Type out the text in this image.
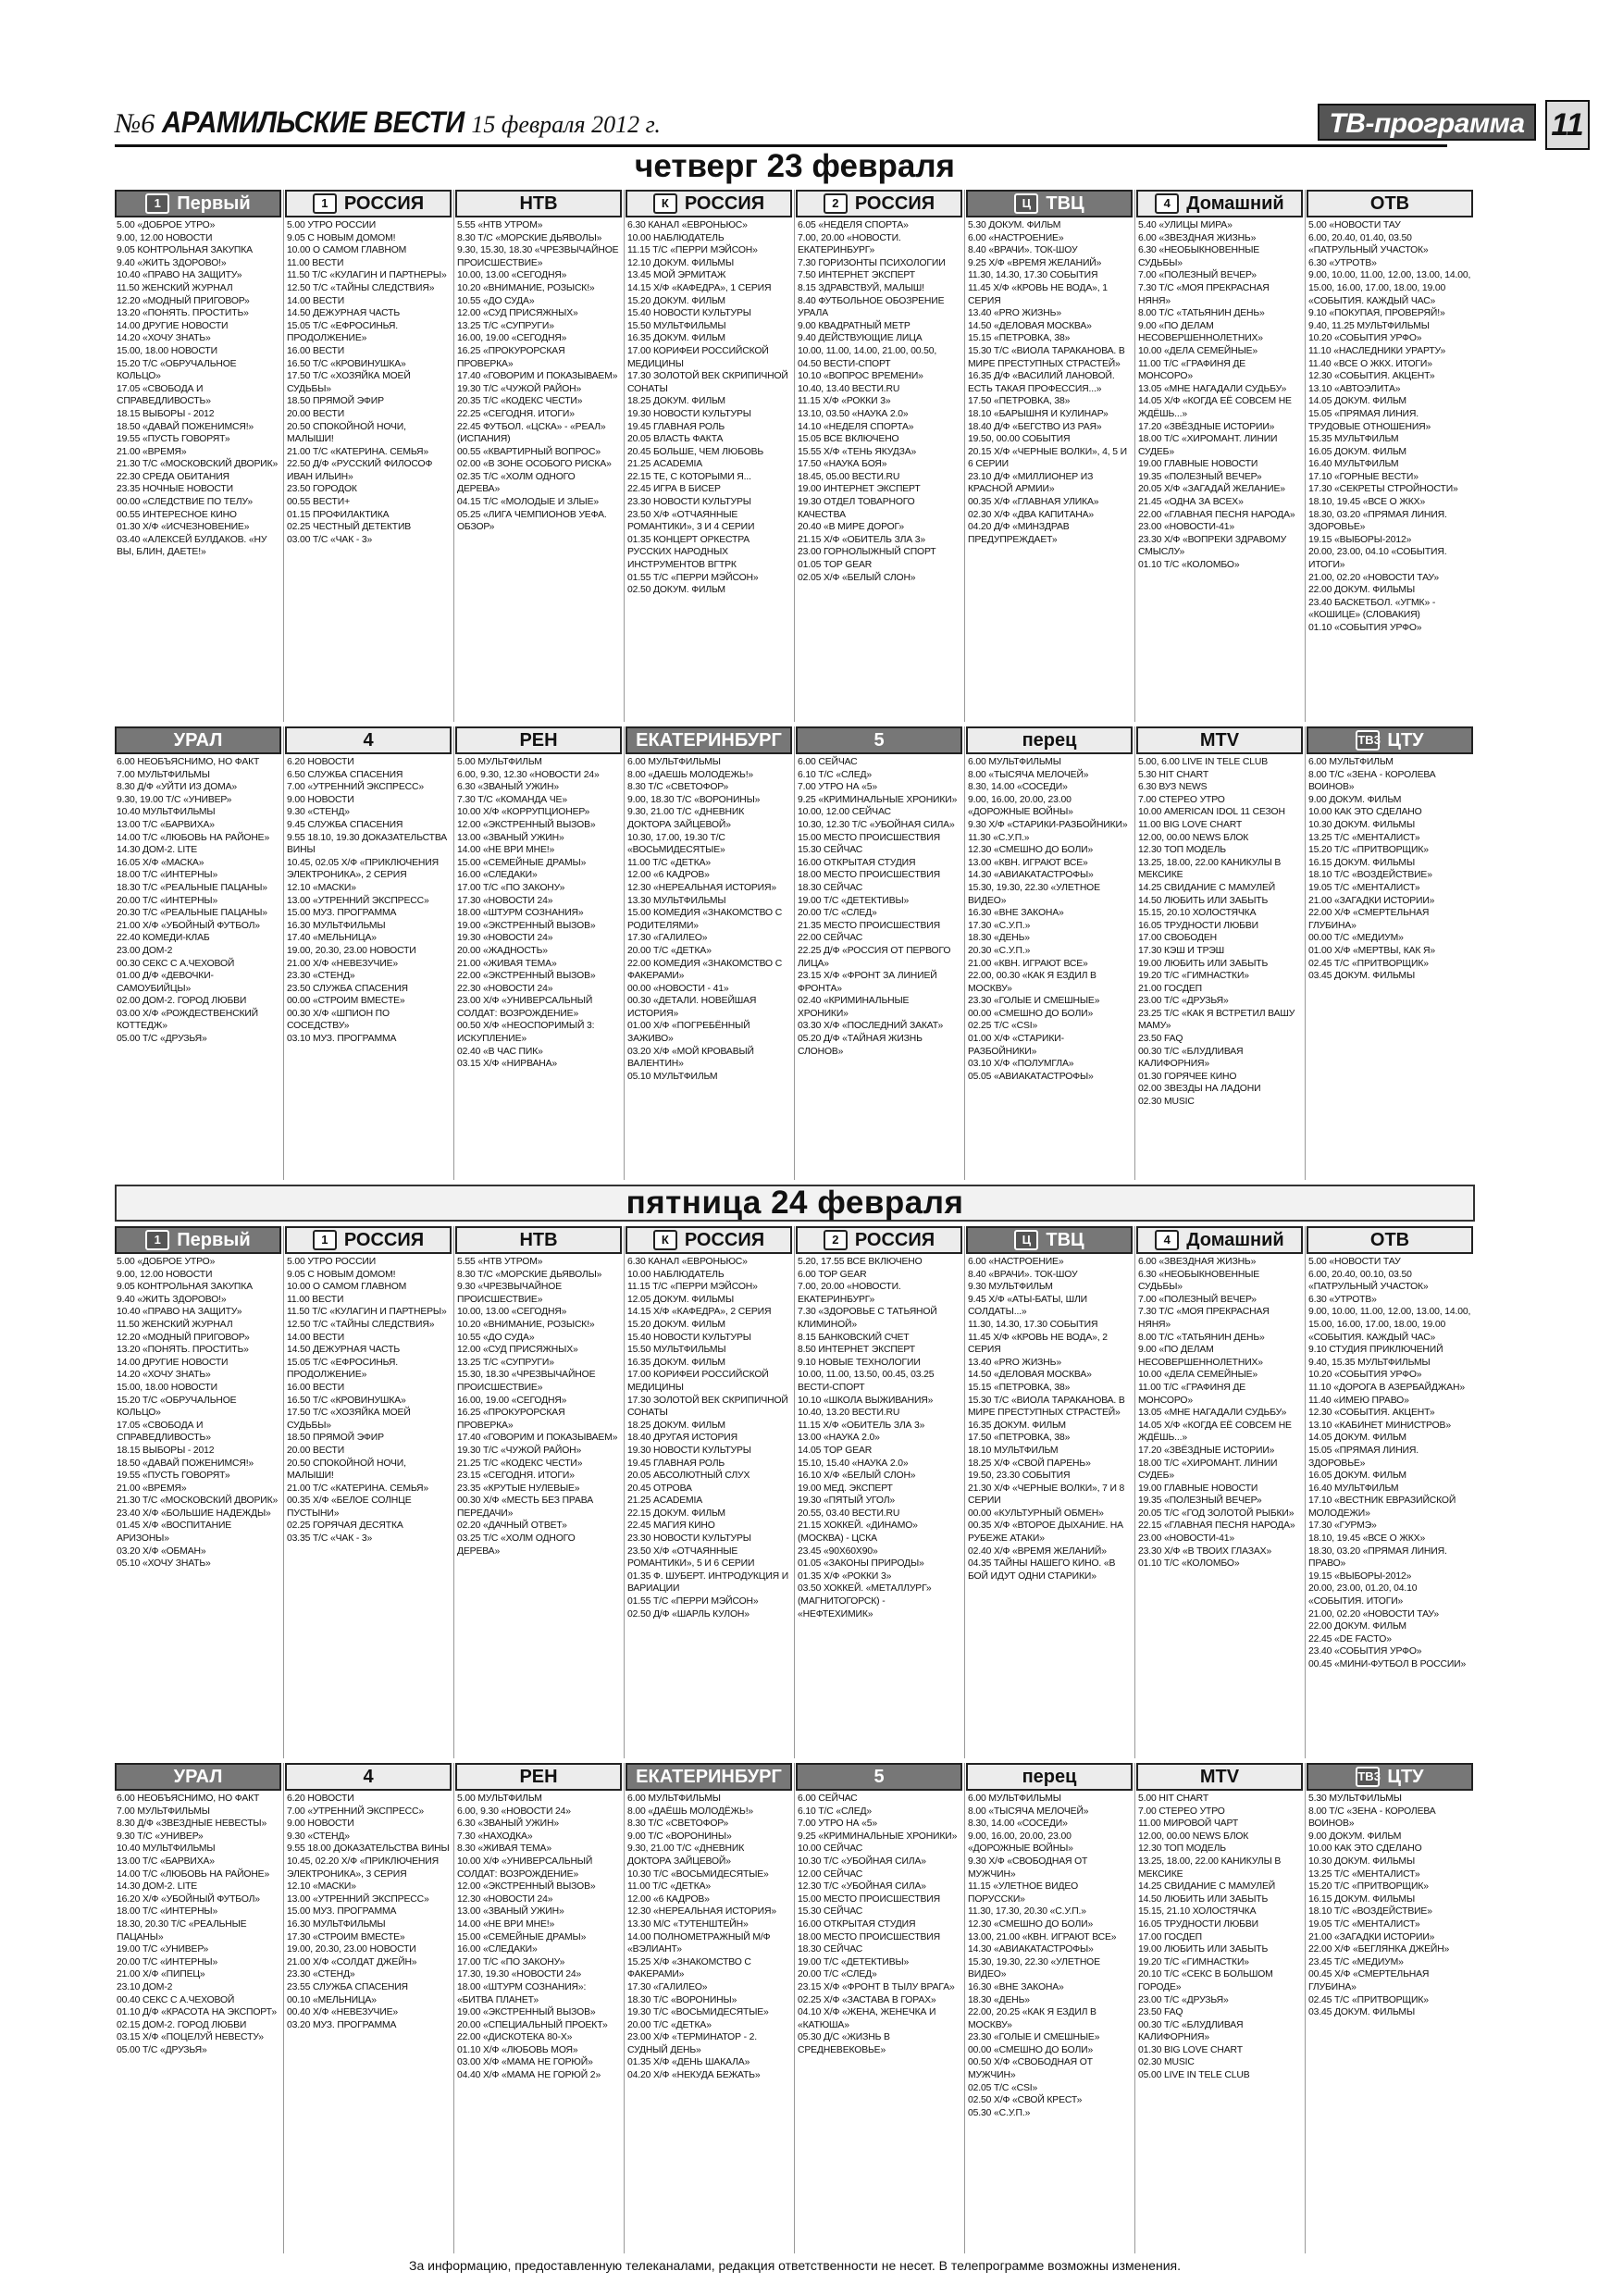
№6 АРАМИЛЬСКИЕ ВЕСТИ 15 февраля 2012 г.	ТВ-программа 11
четверг 23 февраля
1 Первый

5.00 «ДОБРОЕ УТРО»
9.00, 12.00 НОВОСТИ
9.05 КОНТРОЛЬНАЯ ЗАКУПКА
9.40 «ЖИТЬ ЗДОРОВО!»
10.40 «ПРАВО НА ЗАЩИТУ»
11.50 ЖЕНСКИЙ ЖУРНАЛ
12.20 «МОДНЫЙ ПРИГОВОР»
13.20 «ПОНЯТЬ. ПРОСТИТЬ»
14.00 ДРУГИЕ НОВОСТИ
14.20 «ХОЧУ ЗНАТЬ»
15.00, 18.00 НОВОСТИ
15.20 Т/С «ОБРУЧАЛЬНОЕ КОЛЬЦО»
17.05 «СВОБОДА И СПРАВЕДЛИВОСТЬ»
18.15 ВЫБОРЫ - 2012
18.50 «ДАВАЙ ПОЖЕНИМСЯ!»
19.55 «ПУСТЬ ГОВОРЯТ»
21.00 «ВРЕМЯ»
21.30 Т/С «МОСКОВСКИЙ ДВОРИК»
22.30 СРЕДА ОБИТАНИЯ
23.35 НОЧНЫЕ НОВОСТИ
00.00 «СЛЕДСТВИЕ ПО ТЕЛУ»
00.55 ИНТЕРЕСНОЕ КИНО
01.30 Х/Ф «ИСЧЕЗНОВЕНИЕ»
03.40 «АЛЕКСЕЙ БУЛДАКОВ. «НУ ВЫ, БЛИН, ДАЕТЕ!»

1 РОССИЯ

5.00 УТРО РОССИИ
9.05 С НОВЫМ ДОМОМ!
10.00 О САМОМ ГЛАВНОМ
11.00 ВЕСТИ
11.50 Т/С «КУЛАГИН И ПАРТНЕРЫ»
12.50 Т/С «ТАЙНЫ СЛЕДСТВИЯ»
14.00 ВЕСТИ
14.50 ДЕЖУРНАЯ ЧАСТЬ
15.05 Т/С «ЕФРОСИНЬЯ. ПРОДОЛЖЕНИЕ»
16.00 ВЕСТИ
16.50 Т/С «КРОВИНУШКА»
17.50 Т/С «ХОЗЯЙКА МОЕЙ СУДЬБЫ»
18.50 ПРЯМОЙ ЭФИР
20.00 ВЕСТИ
20.50 СПОКОЙНОЙ НОЧИ, МАЛЫШИ!
21.00 Т/С «КАТЕРИНА. СЕМЬЯ»
22.50 Д/Ф «РУССКИЙ ФИЛОСОФ ИВАН ИЛЬИН»
23.50 ГОРОДОК
00.55 ВЕСТИ+
01.15 ПРОФИЛАКТИКА
02.25 ЧЕСТНЫЙ ДЕТЕКТИВ
03.00 Т/С «ЧАК - 3»

НТВ

5.55 «НТВ УТРОМ»
8.30 Т/С «МОРСКИЕ ДЬЯВОЛЫ»
9.30, 15.30, 18.30 «ЧРЕЗВЫЧАЙНОЕ ПРОИСШЕСТВИЕ»
10.00, 13.00 «СЕГОДНЯ»
10.20 «ВНИМАНИЕ, РОЗЫСК!»
10.55 «ДО СУДА»
12.00 «СУД ПРИСЯЖНЫХ»
13.25 Т/С «СУПРУГИ»
16.00, 19.00 «СЕГОДНЯ»
16.25 «ПРОКУРОРСКАЯ ПРОВЕРКА»
17.40 «ГОВОРИМ И ПОКАЗЫВАЕМ»
19.30 Т/С «ЧУЖОЙ РАЙОН»
20.35 Т/С «КОДЕКС ЧЕСТИ»
22.25 «СЕГОДНЯ. ИТОГИ»
22.45 ФУТБОЛ. «ЦСКА» - «РЕАЛ» (ИСПАНИЯ)
00.55 «КВАРТИРНЫЙ ВОПРОС»
02.00 «В ЗОНЕ ОСОБОГО РИСКА»
02.35 Т/С «ХОЛМ ОДНОГО ДЕРЕВА»
04.15 Т/С «МОЛОДЫЕ И ЗЛЫЕ»
05.25 «ЛИГА ЧЕМПИОНОВ УЕФА. ОБЗОР»

К РОССИЯ

6.30 КАНАЛ «ЕВРОНЬЮС»
10.00 НАБЛЮДАТЕЛЬ
11.15 Т/С «ПЕРРИ МЭЙСОН»
12.10 ДОКУМ. ФИЛЬМЫ
13.45 МОЙ ЭРМИТАЖ
14.15 Х/Ф «КАФЕДРА», 1 СЕРИЯ
15.20 ДОКУМ. ФИЛЬМ
15.40 НОВОСТИ КУЛЬТУРЫ
15.50 МУЛЬТФИЛЬМЫ
16.35 ДОКУМ. ФИЛЬМ
17.00 КОРИФЕИ РОССИЙСКОЙ МЕДИЦИНЫ
17.30 ЗОЛОТОЙ ВЕК СКРИПИЧНОЙ СОНАТЫ
18.25 ДОКУМ. ФИЛЬМ
19.30 НОВОСТИ КУЛЬТУРЫ
19.45 ГЛАВНАЯ РОЛЬ
20.05 ВЛАСТЬ ФАКТА
20.45 БОЛЬШЕ, ЧЕМ ЛЮБОВЬ
21.25 ACADEMIA
22.15 ТЕ, С КОТОРЫМИ Я...
22.45 ИГРА В БИСЕР
23.30 НОВОСТИ КУЛЬТУРЫ
23.50 Х/Ф «ОТЧАЯННЫЕ РОМАНТИКИ», 3 И 4 СЕРИИ
01.35 КОНЦЕРТ ОРКЕСТРА РУССКИХ НАРОДНЫХ ИНСТРУМЕНТОВ ВГТРК
01.55 Т/С «ПЕРРИ МЭЙСОН»
02.50 ДОКУМ. ФИЛЬМ

2 РОССИЯ

6.05 «НЕДЕЛЯ СПОРТА»
7.00, 20.00 «НОВОСТИ. ЕКАТЕРИНБУРГ»
7.30 ГОРИЗОНТЫ ПСИХОЛОГИИ
7.50 ИНТЕРНЕТ ЭКСПЕРТ
8.15 ЗДРАВСТВУЙ, МАЛЫШ!
8.40 ФУТБОЛЬНОЕ ОБОЗРЕНИЕ УРАЛА
9.00 КВАДРАТНЫЙ МЕТР
9.40 ДЕЙСТВУЮЩИЕ ЛИЦА
10.00, 11.00, 14.00, 21.00, 00.50, 04.50 ВЕСТИ-СПОРТ
10.10 «ВОПРОС ВРЕМЕНИ»
10.40, 13.40 ВЕСТИ.RU
11.15 Х/Ф «РОККИ 3»
13.10, 03.50 «НАУКА 2.0»
14.10 «НЕДЕЛЯ СПОРТА»
15.05 ВСЕ ВКЛЮЧЕНО
15.55 Х/Ф «ТЕНЬ ЯКУДЗА»
17.50 «НАУКА БОЯ»
18.45, 05.00 ВЕСТИ.RU
19.00 ИНТЕРНЕТ ЭКСПЕРТ
19.30 ОТДЕЛ ТОВАРНОГО КАЧЕСТВА
20.40 «В МИРЕ ДОРОГ»
21.15 Х/Ф «ОБИТЕЛЬ ЗЛА 3»
23.00 ГОРНОЛЫЖНЫЙ СПОРТ
01.05 TOP GEAR
02.05 Х/Ф «БЕЛЫЙ СЛОН»

Ц ТВЦ

5.30 ДОКУМ. ФИЛЬМ
6.00 «НАСТРОЕНИЕ»
8.40 «ВРАЧИ». ТОК-ШОУ
9.25 Х/Ф «ВРЕМЯ ЖЕЛАНИЙ»
11.30, 14.30, 17.30 СОБЫТИЯ
11.45 Х/Ф «КРОВЬ НЕ ВОДА», 1 СЕРИЯ
13.40 «PRO ЖИЗНЬ»
14.50 «ДЕЛОВАЯ МОСКВА»
15.15 «ПЕТРОВКА, 38»
15.30 Т/С «ВИОЛА ТАРАКАНОВА. В МИРЕ ПРЕСТУПНЫХ СТРАСТЕЙ»
16.35 Д/Ф «ВАСИЛИЙ ЛАНОВОЙ. ЕСТЬ ТАКАЯ ПРОФЕССИЯ...»
17.50 «ПЕТРОВКА, 38»
18.10 «БАРЫШНЯ И КУЛИНАР»
18.40 Д/Ф «БЕГСТВО ИЗ РАЯ»
19.50, 00.00 СОБЫТИЯ
20.15 Х/Ф «ЧЕРНЫЕ ВОЛКИ», 4, 5 И 6 СЕРИИ
23.10 Д/Ф «МИЛЛИОНЕР ИЗ КРАСНОЙ АРМИИ»
00.35 Х/Ф «ГЛАВНАЯ УЛИКА»
02.30 Х/Ф «ДВА КАПИТАНА»
04.20 Д/Ф «МИНЗДРАВ ПРЕДУПРЕЖДАЕТ»

4 Домашний

5.40 «УЛИЦЫ МИРА»
6.00 «ЗВЕЗДНАЯ ЖИЗНЬ»
6.30 «НЕОБЫКНОВЕННЫЕ СУДЬБЫ»
7.00 «ПОЛЕЗНЫЙ ВЕЧЕР»
7.30 Т/С «МОЯ ПРЕКРАСНАЯ НЯНЯ»
8.00 Т/С «ТАТЬЯНИН ДЕНЬ»
9.00 «ПО ДЕЛАМ НЕСОВЕРШЕННОЛЕТНИХ»
10.00 «ДЕЛА СЕМЕЙНЫЕ»
11.00 Т/С «ГРАФИНЯ ДЕ МОНСОРО»
13.05 «МНЕ НАГАДАЛИ СУДЬБУ»
14.05 Х/Ф «КОГДА ЕЁ СОВСЕМ НЕ ЖДЁШЬ...»
17.20 «ЗВЁЗДНЫЕ ИСТОРИИ»
18.00 Т/С «ХИРОМАНТ. ЛИНИИ СУДЕБ»
19.00 ГЛАВНЫЕ НОВОСТИ
19.35 «ПОЛЕЗНЫЙ ВЕЧЕР»
20.05 Х/Ф «ЗАГАДАЙ ЖЕЛАНИЕ»
21.45 «ОДНА ЗА ВСЕХ»
22.00 «ГЛАВНАЯ ПЕСНЯ НАРОДА»
23.00 «НОВОСТИ-41»
23.30 Х/Ф «ВОПРЕКИ ЗДРАВОМУ СМЫСЛУ»
01.10 Т/С «КОЛОМБО»

ОТВ

5.00 «НОВОСТИ ТАУ
6.00, 20.40, 01.40, 03.50 «ПАТРУЛЬНЫЙ УЧАСТОК»
6.30 «УТРОТВ»
9.00, 10.00, 11.00, 12.00, 13.00, 14.00, 15.00, 16.00, 17.00, 18.00, 19.00 «СОБЫТИЯ. КАЖДЫЙ ЧАС»
9.10 «ПОКУПАЯ, ПРОВЕРЯЙ!»
9.40, 11.25 МУЛЬТФИЛЬМЫ
10.20 «СОБЫТИЯ УРФО»
11.10 «НАСЛЕДНИКИ УРАРТУ»
11.40 «ВСЕ О ЖКХ. ИТОГИ»
12.30 «СОБЫТИЯ. АКЦЕНТ»
13.10 «АВТОЭЛИТА»
14.05 ДОКУМ. ФИЛЬМ
15.05 «ПРЯМАЯ ЛИНИЯ. ТРУДОВЫЕ ОТНОШЕНИЯ»
15.35 МУЛЬТФИЛЬМ
16.05 ДОКУМ. ФИЛЬМ
16.40 МУЛЬТФИЛЬМ
17.10 «ГОРНЫЕ ВЕСТИ»
17.30 «СЕКРЕТЫ СТРОЙНОСТИ»
18.10, 19.45 «ВСЕ О ЖКХ»
18.30, 03.20 «ПРЯМАЯ ЛИНИЯ. ЗДОРОВЬЕ»
19.15 «ВЫБОРЫ-2012»
20.00, 23.00, 04.10 «СОБЫТИЯ. ИТОГИ»
21.00, 02.20 «НОВОСТИ ТАУ»
22.00 ДОКУМ. ФИЛЬМЫ
23.40 БАСКЕТБОЛ. «УГМК» - «КОШИЦЕ» (СЛОВАКИЯ)
01.10 «СОБЫТИЯ УРФО»

УРАЛ

6.00 НЕОБЪЯСНИМО, НО ФАКТ
7.00 МУЛЬТФИЛЬМЫ
8.30 Д/Ф «УЙТИ ИЗ ДОМА»
9.30, 19.00 Т/С «УНИВЕР»
10.40 МУЛЬТФИЛЬМЫ
13.00 Т/С «БАРВИХА»
14.00 Т/С «ЛЮБОВЬ НА РАЙОНЕ»
14.30 ДОМ-2. LITE
16.05 Х/Ф «МАСКА»
18.00 Т/С «ИНТЕРНЫ»
18.30 Т/С «РЕАЛЬНЫЕ ПАЦАНЫ»
20.00 Т/С «ИНТЕРНЫ»
20.30 Т/С «РЕАЛЬНЫЕ ПАЦАНЫ»
21.00 Х/Ф «УБОЙНЫЙ ФУТБОЛ»
22.40 КОМЕДИ-КЛАБ
23.00 ДОМ-2
00.30 СЕКС С А.ЧЕХОВОЙ
01.00 Д/Ф «ДЕВОЧКИ-САМОУБИЙЦЫ»
02.00 ДОМ-2. ГОРОД ЛЮБВИ
03.00 Х/Ф «РОЖДЕСТВЕНСКИЙ КОТТЕДЖ»
05.00 Т/С «ДРУЗЬЯ»

4

6.20 НОВОСТИ
6.50 СЛУЖБА СПАСЕНИЯ
7.00 «УТРЕННИЙ ЭКСПРЕСС»
9.00 НОВОСТИ
9.30 «СТЕНД»
9.45 СЛУЖБА СПАСЕНИЯ
9.55 18.10, 19.30 ДОКАЗАТЕЛЬСТВА ВИНЫ
10.45, 02.05 Х/Ф «ПРИКЛЮЧЕНИЯ ЭЛЕКТРОНИКА», 2 СЕРИЯ
12.10 «МАСКИ»
13.00 «УТРЕННИЙ ЭКСПРЕСС»
15.00 МУЗ. ПРОГРАММА
16.30 МУЛЬТФИЛЬМЫ
17.40 «МЕЛЬНИЦА»
19.00, 20.30, 23.00 НОВОСТИ
21.00 Х/Ф «НЕВЕЗУЧИЕ»
23.30 «СТЕНД»
23.50 СЛУЖБА СПАСЕНИЯ
00.00 «СТРОИМ ВМЕСТЕ»
00.30 Х/Ф «ШПИОН ПО СОСЕДСТВУ»
03.10 МУЗ. ПРОГРАММА

РЕН

5.00 МУЛЬТФИЛЬМ
6.00, 9.30, 12.30 «НОВОСТИ 24»
6.30 «ЗВАНЫЙ УЖИН»
7.30 Т/С «КОМАНДА ЧЕ»
10.00 Х/Ф «КОРРУПЦИОНЕР»
12.00 «ЭКСТРЕННЫЙ ВЫЗОВ»
13.00 «ЗВАНЫЙ УЖИН»
14.00 «НЕ ВРИ МНЕ!»
15.00 «СЕМЕЙНЫЕ ДРАМЫ»
16.00 «СЛЕДАКИ»
17.00 Т/С «ПО ЗАКОНУ»
17.30 «НОВОСТИ 24»
18.00 «ШТУРМ СОЗНАНИЯ»
19.00 «ЭКСТРЕННЫЙ ВЫЗОВ»
19.30 «НОВОСТИ 24»
20.00 «ЖАДНОСТЬ»
21.00 «ЖИВАЯ ТЕМА»
22.00 «ЭКСТРЕННЫЙ ВЫЗОВ»
22.30 «НОВОСТИ 24»
23.00 Х/Ф «УНИВЕРСАЛЬНЫЙ СОЛДАТ: ВОЗРОЖДЕНИЕ»
00.50 Х/Ф «НЕОСПОРИМЫЙ 3: ИСКУПЛЕНИЕ»
02.40 «В ЧАС ПИК»
03.15 Х/Ф «НИРВАНА»

ЕКАТЕРИНБУРГ

6.00 МУЛЬТФИЛЬМЫ
8.00 «ДАЕШЬ МОЛОДЕЖЬ!»
8.30 Т/С «СВЕТОФОР»
9.00, 18.30 Т/С «ВОРОНИНЫ»
9.30, 21.00 Т/С «ДНЕВНИК ДОКТОРА ЗАЙЦЕВОЙ»
10.30, 17.00, 19.30 Т/С «ВОСЬМИДЕСЯТЫЕ»
11.00 Т/С «ДЕТКА»
12.00 «6 КАДРОВ»
12.30 «НЕРЕАЛЬНАЯ ИСТОРИЯ»
13.30 МУЛЬТФИЛЬМЫ
15.00 КОМЕДИЯ «ЗНАКОМСТВО С РОДИТЕЛЯМИ»
17.30 «ГАЛИЛЕО»
20.00 Т/С «ДЕТКА»
22.00 КОМЕДИЯ «ЗНАКОМСТВО С ФАКЕРАМИ»
00.00 «НОВОСТИ - 41»
00.30 «ДЕТАЛИ. НОВЕЙШАЯ ИСТОРИЯ»
01.00 Х/Ф «ПОГРЕБЁННЫЙ ЗАЖИВО»
03.20 Х/Ф «МОЙ КРОВАВЫЙ ВАЛЕНТИН»
05.10 МУЛЬТФИЛЬМ

5

6.00 СЕЙЧАС
6.10 Т/С «СЛЕД»
7.00 УТРО НА «5»
9.25 «КРИМИНАЛЬНЫЕ ХРОНИКИ»
10.00, 12.00 СЕЙЧАС
10.30, 12.30 Т/С «УБОЙНАЯ СИЛА»
15.00 МЕСТО ПРОИСШЕСТВИЯ
15.30 СЕЙЧАС
16.00 ОТКРЫТАЯ СТУДИЯ
18.00 МЕСТО ПРОИСШЕСТВИЯ
18.30 СЕЙЧАС
19.00 Т/С «ДЕТЕКТИВЫ»
20.00 Т/С «СЛЕД»
21.35 МЕСТО ПРОИСШЕСТВИЯ
22.00 СЕЙЧАС
22.25 Д/Ф «РОССИЯ ОТ ПЕРВОГО ЛИЦА»
23.15 Х/Ф «ФРОНТ ЗА ЛИНИЕЙ ФРОНТА»
02.40 «КРИМИНАЛЬНЫЕ ХРОНИКИ»
03.30 Х/Ф «ПОСЛЕДНИЙ ЗАКАТ»
05.20 Д/Ф «ТАЙНАЯ ЖИЗНЬ СЛОНОВ»

перец

6.00 МУЛЬТФИЛЬМЫ
8.00 «ТЫСЯЧА МЕЛОЧЕЙ»
8.30, 14.00 «СОСЕДИ»
9.00, 16.00, 20.00, 23.00 «ДОРОЖНЫЕ ВОЙНЫ»
9.30 Х/Ф «СТАРИКИ-РАЗБОЙНИКИ»
11.30 «С.У.П.»
12.30 «СМЕШНО ДО БОЛИ»
13.00 «КВН. ИГРАЮТ ВСЕ»
14.30 «АВИАКАТАСТРОФЫ»
15.30, 19.30, 22.30 «УЛЕТНОЕ ВИДЕО»
16.30 «ВНЕ ЗАКОНА»
17.30 «С.У.П.»
18.30 «ДЕНЬ»
20.30 «С.У.П.»
21.00 «КВН. ИГРАЮТ ВСЕ»
22.00, 00.30 «КАК Я ЕЗДИЛ В МОСКВУ»
23.30 «ГОЛЫЕ И СМЕШНЫЕ»
00.00 «СМЕШНО ДО БОЛИ»
02.25 Т/С «CSI»
01.00 Х/Ф «СТАРИКИ-РАЗБОЙНИКИ»
03.10 Х/Ф «ПОЛУМГЛА»
05.05 «АВИАКАТАСТРОФЫ»

MTV

5.00, 6.00 LIVE IN TELE CLUB
5.30 HIT CHART
6.30 ВУЗ NEWS
7.00 СТЕРЕО УТРО
10.00 AMERICAN IDOL 11 СЕЗОН
11.00 BIG LOVE CHART
12.00, 00.00 NEWS БЛОК
12.30 ТОП МОДЕЛЬ
13.25, 18.00, 22.00 КАНИКУЛЫ В МЕКСИКЕ
14.25 СВИДАНИЕ С МАМУЛЕЙ
14.50 ЛЮБИТЬ ИЛИ ЗАБЫТЬ
15.15, 20.10 ХОЛОСТЯЧКА
16.05 ТРУДНОСТИ ЛЮБВИ
17.00 СВОБОДЕН
17.30 КЭШ И ТРЭШ
19.00 ЛЮБИТЬ ИЛИ ЗАБЫТЬ
19.20 Т/С «ГИМНАСТКИ»
21.00 ГОСДЕП
23.00 Т/С «ДРУЗЬЯ»
23.25 Т/С «КАК Я ВСТРЕТИЛ ВАШУ МАМУ»
23.50 FAQ
00.30 Т/С «БЛУДЛИВАЯ КАЛИФОРНИЯ»
01.30 ГОРЯЧЕЕ КИНО
02.00 ЗВЕЗДЫ НА ЛАДОНИ
02.30 MUSIC

ТВ3 ЦТУ

6.00 МУЛЬТФИЛЬМ
8.00 Т/С «ЗЕНА - КОРОЛЕВА ВОИНОВ»
9.00 ДОКУМ. ФИЛЬМ
10.00 КАК ЭТО СДЕЛАНО
10.30 ДОКУМ. ФИЛЬМЫ
13.25 Т/С «МЕНТАЛИСТ»
15.20 Т/С «ПРИТВОРЩИК»
16.15 ДОКУМ. ФИЛЬМЫ
18.10 Т/С «ВОЗДЕЙСТВИЕ»
19.05 Т/С «МЕНТАЛИСТ»
21.00 «ЗАГАДКИ ИСТОРИИ»
22.00 Х/Ф «СМЕРТЕЛЬНАЯ ГЛУБИНА»
00.00 Т/С «МЕДИУМ»
01.00 Х/Ф «МЕРТВЫ, КАК Я»
02.45 Т/С «ПРИТВОРЩИК»
03.45 ДОКУМ. ФИЛЬМЫ

пятница 24 февраля
1 Первый

5.00 «ДОБРОЕ УТРО»
9.00, 12.00 НОВОСТИ
9.05 КОНТРОЛЬНАЯ ЗАКУПКА
9.40 «ЖИТЬ ЗДОРОВО!»
10.40 «ПРАВО НА ЗАЩИТУ»
11.50 ЖЕНСКИЙ ЖУРНАЛ
12.20 «МОДНЫЙ ПРИГОВОР»
13.20 «ПОНЯТЬ. ПРОСТИТЬ»
14.00 ДРУГИЕ НОВОСТИ
14.20 «ХОЧУ ЗНАТЬ»
15.00, 18.00 НОВОСТИ
15.20 Т/С «ОБРУЧАЛЬНОЕ КОЛЬЦО»
17.05 «СВОБОДА И СПРАВЕДЛИВОСТЬ»
18.15 ВЫБОРЫ - 2012
18.50 «ДАВАЙ ПОЖЕНИМСЯ!»
19.55 «ПУСТЬ ГОВОРЯТ»
21.00 «ВРЕМЯ»
21.30 Т/С «МОСКОВСКИЙ ДВОРИК»
23.40 Х/Ф «БОЛЬШИЕ НАДЕЖДЫ»
01.45 Х/Ф «ВОСПИТАНИЕ АРИЗОНЫ»
03.20 Х/Ф «ОБМАН»
05.10 «ХОЧУ ЗНАТЬ»

1 РОССИЯ

5.00 УТРО РОССИИ
9.05 С НОВЫМ ДОМОМ!
10.00 О САМОМ ГЛАВНОМ
11.00 ВЕСТИ
11.50 Т/С «КУЛАГИН И ПАРТНЕРЫ»
12.50 Т/С «ТАЙНЫ СЛЕДСТВИЯ»
14.00 ВЕСТИ
14.50 ДЕЖУРНАЯ ЧАСТЬ
15.05 Т/С «ЕФРОСИНЬЯ. ПРОДОЛЖЕНИЕ»
16.00 ВЕСТИ
16.50 Т/С «КРОВИНУШКА»
17.50 Т/С «ХОЗЯЙКА МОЕЙ СУДЬБЫ»
18.50 ПРЯМОЙ ЭФИР
20.00 ВЕСТИ
20.50 СПОКОЙНОЙ НОЧИ, МАЛЫШИ!
21.00 Т/С «КАТЕРИНА. СЕМЬЯ»
00.35 Х/Ф «БЕЛОЕ СОЛНЦЕ ПУСТЫНИ»
02.25 ГОРЯЧАЯ ДЕСЯТКА
03.35 Т/С «ЧАК - 3»

НТВ

5.55 «НТВ УТРОМ»
8.30 Т/С «МОРСКИЕ ДЬЯВОЛЫ»
9.30 «ЧРЕЗВЫЧАЙНОЕ ПРОИСШЕСТВИЕ»
10.00, 13.00 «СЕГОДНЯ»
10.20 «ВНИМАНИЕ, РОЗЫСК!»
10.55 «ДО СУДА»
12.00 «СУД ПРИСЯЖНЫХ»
13.25 Т/С «СУПРУГИ»
15.30, 18.30 «ЧРЕЗВЫЧАЙНОЕ ПРОИСШЕСТВИЕ»
16.00, 19.00 «СЕГОДНЯ»
16.25 «ПРОКУРОРСКАЯ ПРОВЕРКА»
17.40 «ГОВОРИМ И ПОКАЗЫВАЕМ»
19.30 Т/С «ЧУЖОЙ РАЙОН»
21.25 Т/С «КОДЕКС ЧЕСТИ»
23.15 «СЕГОДНЯ. ИТОГИ»
23.35 «КРУТЫЕ НУЛЕВЫЕ»
00.30 Х/Ф «МЕСТЬ БЕЗ ПРАВА ПЕРЕДАЧИ»
02.20 «ДАЧНЫЙ ОТВЕТ»
03.25 Т/С «ХОЛМ ОДНОГО ДЕРЕВА»

К РОССИЯ

6.30 КАНАЛ «ЕВРОНЬЮС»
10.00 НАБЛЮДАТЕЛЬ
11.15 Т/С «ПЕРРИ МЭЙСОН»
12.05 ДОКУМ. ФИЛЬМЫ
14.15 Х/Ф «КАФЕДРА», 2 СЕРИЯ
15.20 ДОКУМ. ФИЛЬМ
15.40 НОВОСТИ КУЛЬТУРЫ
15.50 МУЛЬТФИЛЬМЫ
16.35 ДОКУМ. ФИЛЬМ
17.00 КОРИФЕИ РОССИЙСКОЙ МЕДИЦИНЫ
17.30 ЗОЛОТОЙ ВЕК СКРИПИЧНОЙ СОНАТЫ
18.25 ДОКУМ. ФИЛЬМ
18.40 ДРУГАЯ ИСТОРИЯ
19.30 НОВОСТИ КУЛЬТУРЫ
19.45 ГЛАВНАЯ РОЛЬ
20.05 АБСОЛЮТНЫЙ СЛУХ
20.45 ОТРОВА
21.25 ACADEMIA
22.15 ДОКУМ. ФИЛЬМ
22.45 МАГИЯ КИНО
23.30 НОВОСТИ КУЛЬТУРЫ
23.50 Х/Ф «ОТЧАЯННЫЕ РОМАНТИКИ», 5 И 6 СЕРИИ
01.35 Ф. ШУБЕРТ. ИНТРОДУКЦИЯ И ВАРИАЦИИ
01.55 Т/С «ПЕРРИ МЭЙСОН»
02.50 Д/Ф «ШАРЛЬ КУЛОН»

2 РОССИЯ

5.20, 17.55 ВСЕ ВКЛЮЧЕНО
6.00 TOP GEAR
7.00, 20.00 «НОВОСТИ. ЕКАТЕРИНБУРГ»
7.30 «ЗДОРОВЬЕ С ТАТЬЯНОЙ КЛИМИНОЙ»
8.15 БАНКОВСКИЙ СЧЕТ
8.50 ИНТЕРНЕТ ЭКСПЕРТ
9.10 НОВЫЕ ТЕХНОЛОГИИ
10.00, 11.00, 13.50, 00.45, 03.25 ВЕСТИ-СПОРТ
10.10 «ШКОЛА ВЫЖИВАНИЯ»
10.40, 13.20 ВЕСТИ.RU
11.15 Х/Ф «ОБИТЕЛЬ ЗЛА 3»
13.00 «НАУКА 2.0»
14.05 TOP GEAR
15.10, 15.40 «НАУКА 2.0»
16.10 Х/Ф «БЕЛЫЙ СЛОН»
19.00 МЕД. ЭКСПЕРТ
19.30 «ПЯТЫЙ УГОЛ»
20.55, 03.40 ВЕСТИ.RU
21.15 ХОККЕЙ. «ДИНАМО» (МОСКВА) - ЦСКА
23.45 «90X60X90»
01.05 «ЗАКОНЫ ПРИРОДЫ»
01.35 Х/Ф «РОККИ 3»
03.50 ХОККЕЙ. «МЕТАЛЛУРГ» (МАГНИТОГОРСК) - «НЕФТЕХИМИК»

Ц ТВЦ

6.00 «НАСТРОЕНИЕ»
8.40 «ВРАЧИ». ТОК-ШОУ
9.30 МУЛЬТФИЛЬМ
9.45 Х/Ф «АТЫ-БАТЫ, ШЛИ СОЛДАТЫ...»
11.30, 14.30, 17.30 СОБЫТИЯ
11.45 Х/Ф «КРОВЬ НЕ ВОДА», 2 СЕРИЯ
13.40 «PRO ЖИЗНЬ»
14.50 «ДЕЛОВАЯ МОСКВА»
15.15 «ПЕТРОВКА, 38»
15.30 Т/С «ВИОЛА ТАРАКАНОВА. В МИРЕ ПРЕСТУПНЫХ СТРАСТЕЙ»
16.35 ДОКУМ. ФИЛЬМ
17.50 «ПЕТРОВКА, 38»
18.10 МУЛЬТФИЛЬМ
18.25 Х/Ф «СВОЙ ПАРЕНЬ»
19.50, 23.30 СОБЫТИЯ
21.30 Х/Ф «ЧЕРНЫЕ ВОЛКИ», 7 И 8 СЕРИИ
00.00 «КУЛЬТУРНЫЙ ОБМЕН»
00.35 Х/Ф «ВТОРОЕ ДЫХАНИЕ. НА РУБЕЖЕ АТАКИ»
02.40 Х/Ф «ВРЕМЯ ЖЕЛАНИЙ»
04.35 ТАЙНЫ НАШЕГО КИНО. «В БОЙ ИДУТ ОДНИ СТАРИКИ»

4 Домашний

6.00 «ЗВЕЗДНАЯ ЖИЗНЬ»
6.30 «НЕОБЫКНОВЕННЫЕ СУДЬБЫ»
7.00 «ПОЛЕЗНЫЙ ВЕЧЕР»
7.30 Т/С «МОЯ ПРЕКРАСНАЯ НЯНЯ»
8.00 Т/С «ТАТЬЯНИН ДЕНЬ»
9.00 «ПО ДЕЛАМ НЕСОВЕРШЕННОЛЕТНИХ»
10.00 «ДЕЛА СЕМЕЙНЫЕ»
11.00 Т/С «ГРАФИНЯ ДЕ МОНСОРО»
13.05 «МНЕ НАГАДАЛИ СУДЬБУ»
14.05 Х/Ф «КОГДА ЕЁ СОВСЕМ НЕ ЖДЁШЬ...»
17.20 «ЗВЁЗДНЫЕ ИСТОРИИ»
18.00 Т/С «ХИРОМАНТ. ЛИНИИ СУДЕБ»
19.00 ГЛАВНЫЕ НОВОСТИ
19.35 «ПОЛЕЗНЫЙ ВЕЧЕР»
20.05 Т/С «ГОД ЗОЛОТОЙ РЫБКИ»
22.15 «ГЛАВНАЯ ПЕСНЯ НАРОДА»
23.00 «НОВОСТИ-41»
23.30 Х/Ф «В ТВОИХ ГЛАЗАХ»
01.10 Т/С «КОЛОМБО»

ОТВ

5.00 «НОВОСТИ ТАУ
6.00, 20.40, 00.10, 03.50 «ПАТРУЛЬНЫЙ УЧАСТОК»
6.30 «УТРОТВ»
9.00, 10.00, 11.00, 12.00, 13.00, 14.00, 15.00, 16.00, 17.00, 18.00, 19.00 «СОБЫТИЯ. КАЖДЫЙ ЧАС»
9.10 СТУДИЯ ПРИКЛЮЧЕНИЙ
9.40, 15.35 МУЛЬТФИЛЬМЫ
10.20 «СОБЫТИЯ УРФО»
11.10 «ДОРОГА В АЗЕРБАЙДЖАН»
11.40 «ИМЕЮ ПРАВО»
12.30 «СОБЫТИЯ. АКЦЕНТ»
13.10 «КАБИНЕТ МИНИСТРОВ»
14.05 ДОКУМ. ФИЛЬМ
15.05 «ПРЯМАЯ ЛИНИЯ. ЗДОРОВЬЕ»
16.05 ДОКУМ. ФИЛЬМ
16.40 МУЛЬТФИЛЬМ
17.10 «ВЕСТНИК ЕВРАЗИЙСКОЙ МОЛОДЕЖИ»
17.30 «ГУРМЭ»
18.10, 19.45 «ВСЕ О ЖКХ»
18.30, 03.20 «ПРЯМАЯ ЛИНИЯ. ПРАВО»
19.15 «ВЫБОРЫ-2012»
20.00, 23.00, 01.20, 04.10 «СОБЫТИЯ. ИТОГИ»
21.00, 02.20 «НОВОСТИ ТАУ»
22.00 ДОКУМ. ФИЛЬМ
22.45 «DE FACTO»
23.40 «СОБЫТИЯ УРФО»
00.45 «МИНИ-ФУТБОЛ В РОССИИ»

УРАЛ

6.00 НЕОБЪЯСНИМО, НО ФАКТ
7.00 МУЛЬТФИЛЬМЫ
8.30 Д/Ф «ЗВЕЗДНЫЕ НЕВЕСТЫ»
9.30 Т/С «УНИВЕР»
10.40 МУЛЬТФИЛЬМЫ
13.00 Т/С «БАРВИХА»
14.00 Т/С «ЛЮБОВЬ НА РАЙОНЕ»
14.30 ДОМ-2. LITE
16.20 Х/Ф «УБОЙНЫЙ ФУТБОЛ»
18.00 Т/С «ИНТЕРНЫ»
18.30, 20.30 Т/С «РЕАЛЬНЫЕ ПАЦАНЫ»
19.00 Т/С «УНИВЕР»
20.00 Т/С «ИНТЕРНЫ»
21.00 Х/Ф «ПИПЕЦ»
23.10 ДОМ-2
00.40 СЕКС С А.ЧЕХОВОЙ
01.10 Д/Ф «КРАСОТА НА ЭКСПОРТ»
02.15 ДОМ-2. ГОРОД ЛЮБВИ
03.15 Х/Ф «ПОЦЕЛУЙ НЕВЕСТУ»
05.00 Т/С «ДРУЗЬЯ»

4

6.20 НОВОСТИ
7.00 «УТРЕННИЙ ЭКСПРЕСС»
9.00 НОВОСТИ
9.30 «СТЕНД»
9.55 18.00 ДОКАЗАТЕЛЬСТВА ВИНЫ
10.45, 02.20 Х/Ф «ПРИКЛЮЧЕНИЯ ЭЛЕКТРОНИКА», 3 СЕРИЯ
12.10 «МАСКИ»
13.00 «УТРЕННИЙ ЭКСПРЕСС»
15.00 МУЗ. ПРОГРАММА
16.30 МУЛЬТФИЛЬМЫ
17.30 «СТРОИМ ВМЕСТЕ»
19.00, 20.30, 23.00 НОВОСТИ
21.00 Х/Ф «СОЛДАТ ДЖЕЙН»
23.30 «СТЕНД»
23.55 СЛУЖБА СПАСЕНИЯ
00.10 «МЕЛЬНИЦА»
00.40 Х/Ф «НЕВЕЗУЧИЕ»
03.20 МУЗ. ПРОГРАММА

РЕН

5.00 МУЛЬТФИЛЬМ
6.00, 9.30 «НОВОСТИ 24»
6.30 «ЗВАНЫЙ УЖИН»
7.30 «НАХОДКА»
8.30 «ЖИВАЯ ТЕМА»
10.00 Х/Ф «УНИВЕРСАЛЬНЫЙ СОЛДАТ: ВОЗРОЖДЕНИЕ»
12.00 «ЭКСТРЕННЫЙ ВЫЗОВ»
12.30 «НОВОСТИ 24»
13.00 «ЗВАНЫЙ УЖИН»
14.00 «НЕ ВРИ МНЕ!»
15.00 «СЕМЕЙНЫЕ ДРАМЫ»
16.00 «СЛЕДАКИ»
17.00 Т/С «ПО ЗАКОНУ»
17.30, 19.30 «НОВОСТИ 24»
18.00 «ШТУРМ СОЗНАНИЯ»: «БИТВА ПЛАНЕТ»
19.00 «ЭКСТРЕННЫЙ ВЫЗОВ»
20.00 «СПЕЦИАЛЬНЫЙ ПРОЕКТ»
22.00 «ДИСКОТЕКА 80-Х»
01.10 Х/Ф «ЛЮБОВЬ МОЯ»
03.00 Х/Ф «МАМА НЕ ГОРЮЙ»
04.40 Х/Ф «МАМА НЕ ГОРЮЙ 2»

ЕКАТЕРИНБУРГ

6.00 МУЛЬТФИЛЬМЫ
8.00 «ДАЁШЬ МОЛОДЁЖЬ!»
8.30 Т/С «СВЕТОФОР»
9.00 Т/С «ВОРОНИНЫ»
9.30, 21.00 Т/С «ДНЕВНИК ДОКТОРА ЗАЙЦЕВОЙ»
10.30 Т/С «ВОСЬМИДЕСЯТЫЕ»
11.00 Т/С «ДЕТКА»
12.00 «6 КАДРОВ»
12.30 «НЕРЕАЛЬНАЯ ИСТОРИЯ»
13.30 М/С «ТУТЕНШТЕЙН»
14.00 ПОЛНОМЕТРАЖНЫЙ М/Ф «ВЭЛИАНТ»
15.25 Х/Ф «ЗНАКОМСТВО С ФАКЕРАМИ»
17.30 «ГАЛИЛЕО»
18.30 Т/С «ВОРОНИНЫ»
19.30 Т/С «ВОСЬМИДЕСЯТЫЕ»
20.00 Т/С «ДЕТКА»
23.00 Х/Ф «ТЕРМИНАТОР - 2. СУДНЫЙ ДЕНЬ»
01.35 Х/Ф «ДЕНЬ ШАКАЛА»
04.20 Х/Ф «НЕКУДА БЕЖАТЬ»

5

6.00 СЕЙЧАС
6.10 Т/С «СЛЕД»
7.00 УТРО НА «5»
9.25 «КРИМИНАЛЬНЫЕ ХРОНИКИ»
10.00 СЕЙЧАС
10.30 Т/С «УБОЙНАЯ СИЛА»
12.00 СЕЙЧАС
12.30 Т/С «УБОЙНАЯ СИЛА»
15.00 МЕСТО ПРОИСШЕСТВИЯ
15.30 СЕЙЧАС
16.00 ОТКРЫТАЯ СТУДИЯ
18.00 МЕСТО ПРОИСШЕСТВИЯ
18.30 СЕЙЧАС
19.00 Т/С «ДЕТЕКТИВЫ»
20.00 Т/С «СЛЕД»
23.15 Х/Ф «ФРОНТ В ТЫЛУ ВРАГА»
02.25 Х/Ф «ЗАСТАВА В ГОРАХ»
04.10 Х/Ф «ЖЕНА, ЖЕНЕЧКА И «КАТЮША»
05.30 Д/С «ЖИЗНЬ В СРЕДНЕВЕКОВЬЕ»

перец

6.00 МУЛЬТФИЛЬМЫ
8.00 «ТЫСЯЧА МЕЛОЧЕЙ»
8.30, 14.00 «СОСЕДИ»
9.00, 16.00, 20.00, 23.00 «ДОРОЖНЫЕ ВОЙНЫ»
9.30 Х/Ф «СВОБОДНАЯ ОТ МУЖЧИН»
11.15 «УЛЕТНОЕ ВИДЕО ПОРУССКИ»
11.30, 17.30, 20.30 «С.У.П.»
12.30 «СМЕШНО ДО БОЛИ»
13.00, 21.00 «КВН. ИГРАЮТ ВСЕ»
14.30 «АВИАКАТАСТРОФЫ»
15.30, 19.30, 22.30 «УЛЕТНОЕ ВИДЕО»
16.30 «ВНЕ ЗАКОНА»
18.30 «ДЕНЬ»
22.00, 20.25 «КАК Я ЕЗДИЛ В МОСКВУ»
23.30 «ГОЛЫЕ И СМЕШНЫЕ»
00.00 «СМЕШНО ДО БОЛИ»
00.50 Х/Ф «СВОБОДНАЯ ОТ МУЖЧИН»
02.05 Т/С «CSI»
02.50 Х/Ф «СВОЙ КРЕСТ»
05.30 «С.У.П.»

MTV

5.00 HIT CHART
7.00 СТЕРЕО УТРО
11.00 МИРОВОЙ ЧАРТ
12.00, 00.00 NEWS БЛОК
12.30 ТОП МОДЕЛЬ
13.25, 18.00, 22.00 КАНИКУЛЫ В МЕКСИКЕ
14.25 СВИДАНИЕ С МАМУЛЕЙ
14.50 ЛЮБИТЬ ИЛИ ЗАБЫТЬ
15.15, 21.10 ХОЛОСТЯЧКА
16.05 ТРУДНОСТИ ЛЮБВИ
17.00 ГОСДЕП
19.00 ЛЮБИТЬ ИЛИ ЗАБЫТЬ
19.20 Т/С «ГИМНАСТКИ»
20.10 Т/С «СЕКС В БОЛЬШОМ ГОРОДЕ»
23.00 Т/С «ДРУЗЬЯ»
23.50 FAQ
00.30 Т/С «БЛУДЛИВАЯ КАЛИФОРНИЯ»
01.30 BIG LOVE CHART
02.30 MUSIC
05.00 LIVE IN TELE CLUB

ТВ3 ЦТУ

5.30 МУЛЬТФИЛЬМЫ
8.00 Т/С «ЗЕНА - КОРОЛЕВА ВОИНОВ»
9.00 ДОКУМ. ФИЛЬМ
10.00 КАК ЭТО СДЕЛАНО
10.30 ДОКУМ. ФИЛЬМЫ
13.25 Т/С «МЕНТАЛИСТ»
15.20 Т/С «ПРИТВОРЩИК»
16.15 ДОКУМ. ФИЛЬМЫ
18.10 Т/С «ВОЗДЕЙСТВИЕ»
19.05 Т/С «МЕНТАЛИСТ»
21.00 «ЗАГАДКИ ИСТОРИИ»
22.00 Х/Ф «БЕГЛЯНКА ДЖЕЙН»
23.45 Т/С «МЕДИУМ»
00.45 Х/Ф «СМЕРТЕЛЬНАЯ ГЛУБИНА»
02.45 Т/С «ПРИТВОРЩИК»
03.45 ДОКУМ. ФИЛЬМЫ

За информацию, предоставленную телеканалами, редакция ответственности не несет. В телепрограмме возможны изменения.
